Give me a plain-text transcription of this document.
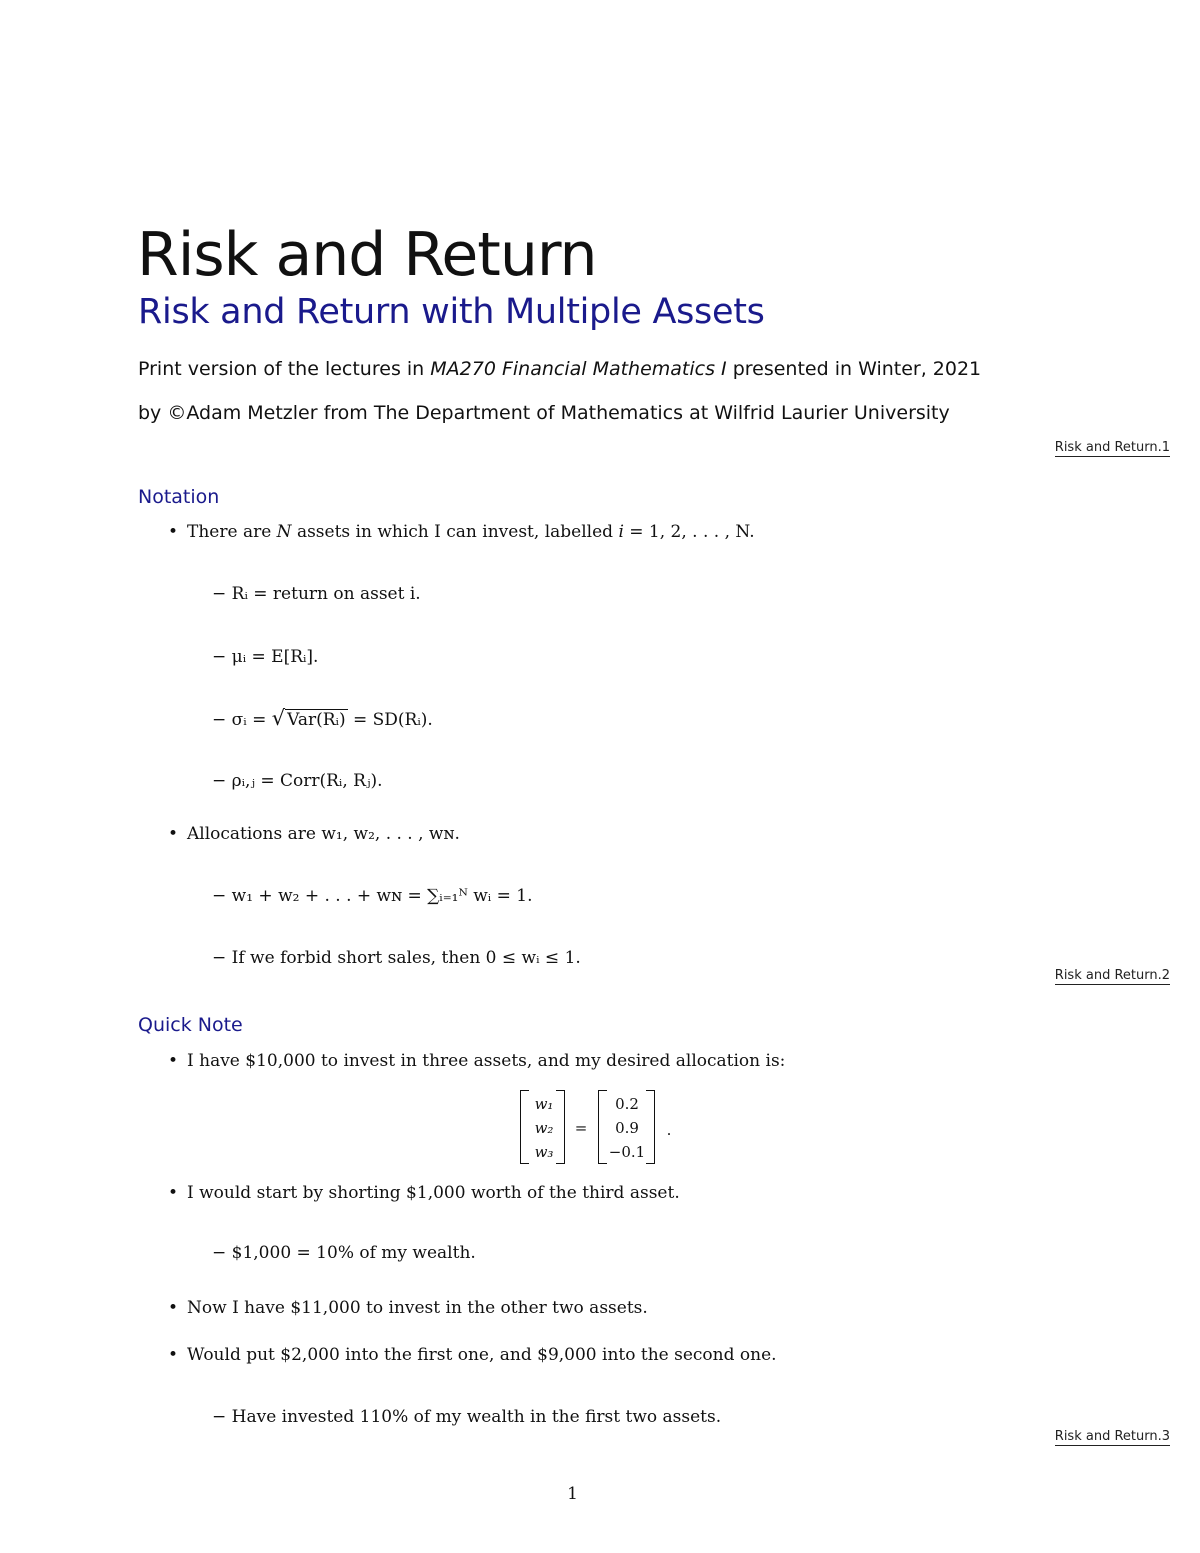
Risk and Return
Risk and Return with Multiple Assets
Print version of the lectures in MA270 Financial Mathematics I presented in Winter, 2021
by ©Adam Metzler from The Department of Mathematics at Wilfrid Laurier University
Risk and Return.1
Notation
• There are N assets in which I can invest, labelled i = 1, 2, . . . , N.
− Rᵢ = return on asset i.
− μᵢ = E[Rᵢ].
− σᵢ = √ Var(Rᵢ) = SD(Rᵢ).
− ρᵢ,ⱼ = Corr(Rᵢ, Rⱼ).
• Allocations are w₁, w₂, . . . , wɴ.
− w₁ + w₂ + . . . + wɴ = ∑ᵢ₌₁ᴺ wᵢ = 1.
− If we forbid short sales, then 0 ≤ wᵢ ≤ 1.
Risk and Return.2
Quick Note
• I have $10,000 to invest in three assets, and my desired allocation is:
w₁
w₂
w₃
=
0.2
0.9
−0.1
.
• I would start by shorting $1,000 worth of the third asset.
− $1,000 = 10% of my wealth.
• Now I have $11,000 to invest in the other two assets.
• Would put $2,000 into the first one, and $9,000 into the second one.
− Have invested 110% of my wealth in the first two assets.
Risk and Return.3
1
